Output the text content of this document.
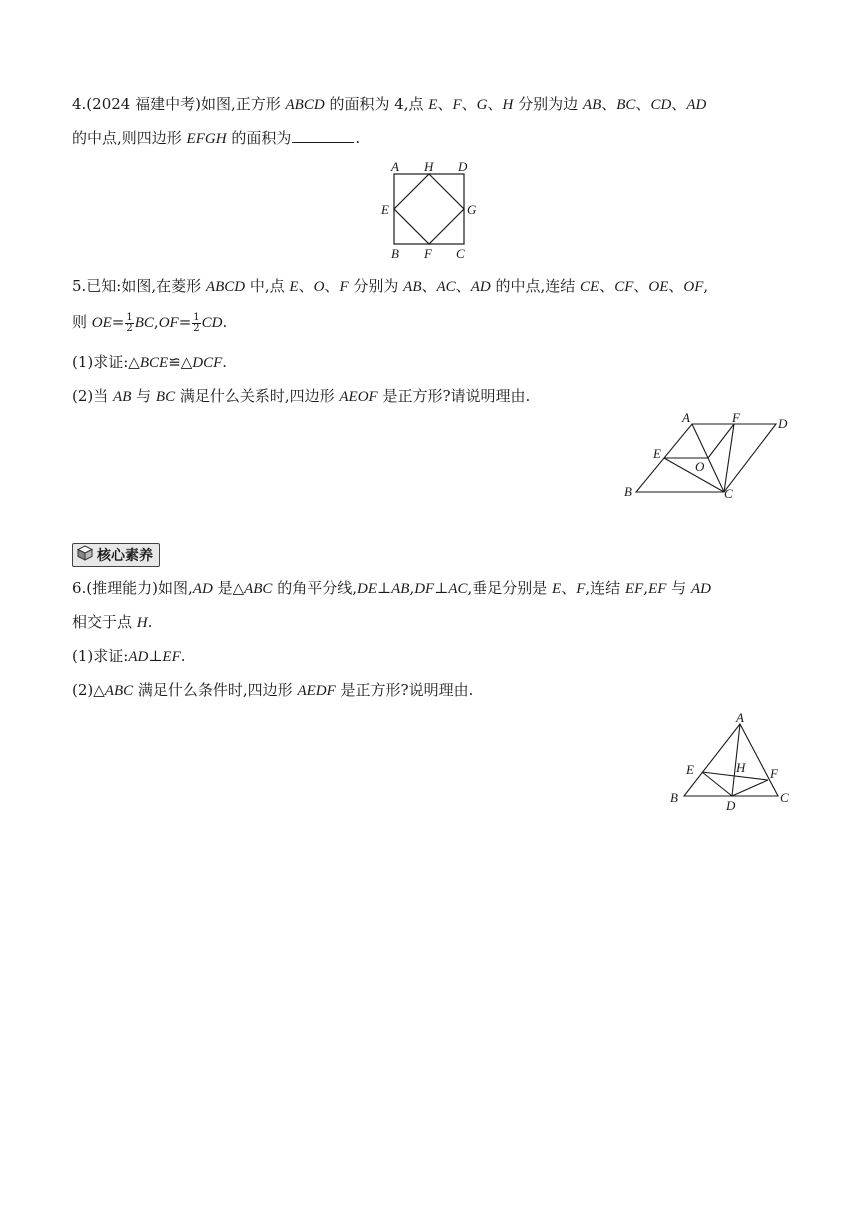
4.(2024 福建中考)如图,正方形 ABCD 的面积为 4,点 E、F、G、H 分别为边 AB、BC、CD、AD
的中点,则四边形 EFGH 的面积为	.
A H D
E	G
B F C
5.已知:如图,在菱形 ABCD 中,点 E、O、F 分别为 AB、AC、AD 的中点,连结 CE、CF、OE、OF,
则 $OE= \frac{1}{2} BC,OF= \frac{1}{2}$ CD.
(1)求证:△BCE≌△DCF.
(2)当 AB 与 BC 满足什么关系时,四边形 AEOF 是正方形?请说明理由.
A	F	D
E
O
B	C
核心素养
6.(推理能力)如图,AD 是△ABC 的角平分线,DE⊥AB,DF⊥AC,垂足分别是 E、F,连结 EF,EF 与 AD
相交于点 H.
(1)求证:AD⊥EF.
(2)△ABC 满足什么条件时,四边形 AEDF 是正方形?说明理由.
A
E	H F
B
D
C
